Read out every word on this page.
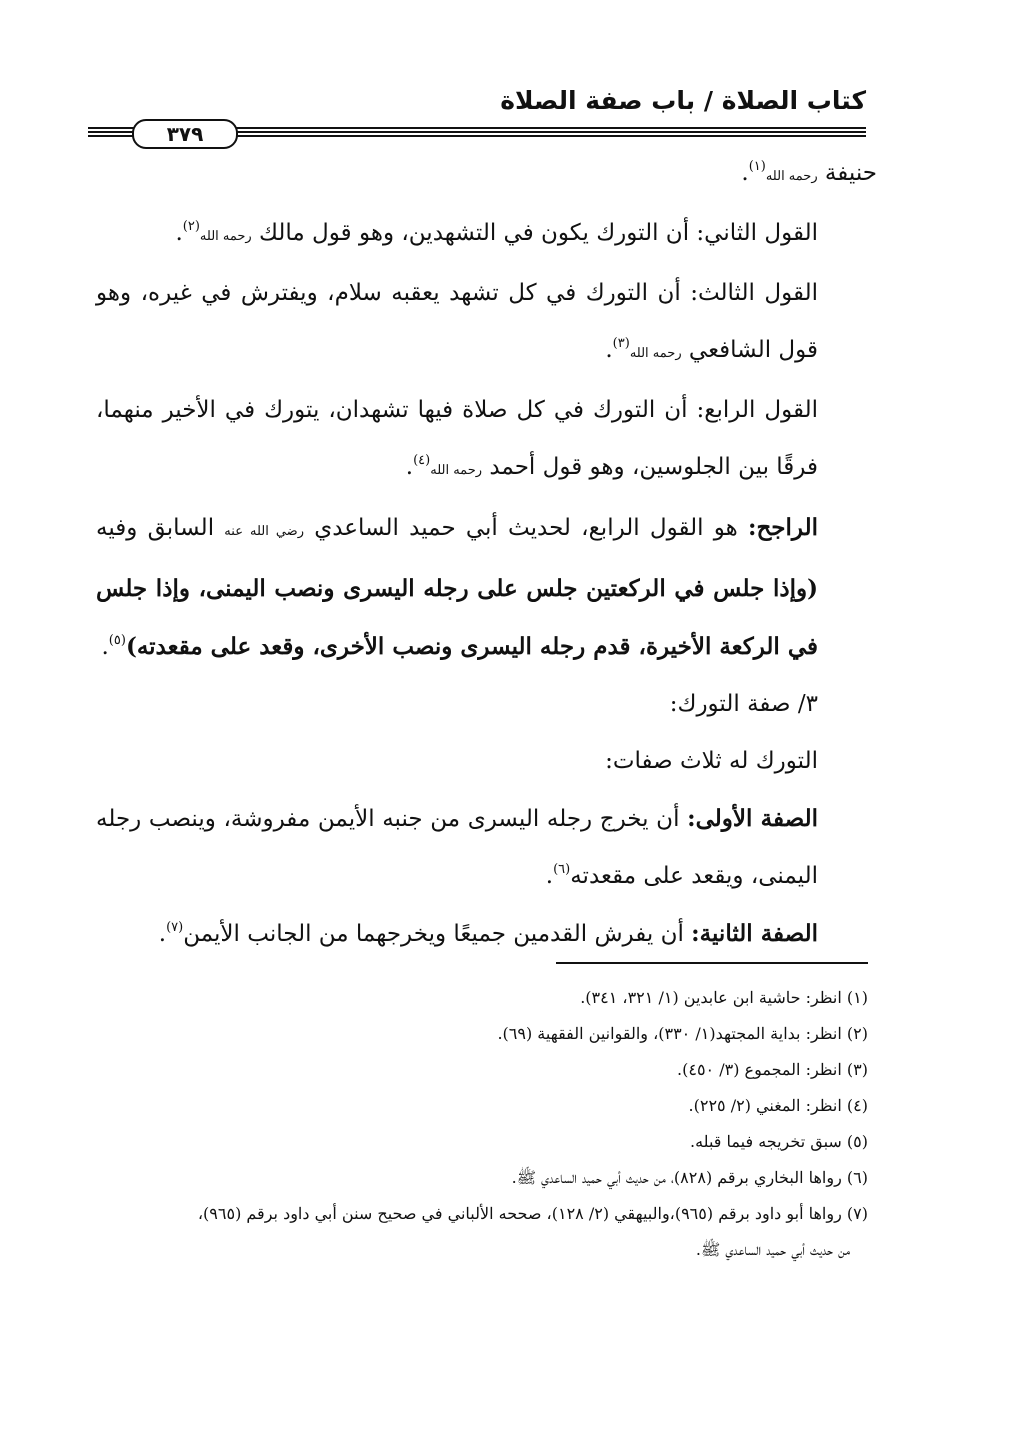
كتاب الصلاة / باب صفة الصلاة
٣٧٩

حنيفة رحمه الله$^{(١)}$.

القول الثاني: أن التورك يكون في التشهدين، وهو قول مالك رحمه الله$^{(٢)}$.

القول الثالث: أن التورك في كل تشهد يعقبه سلام، ويفترش في غيره، وهو قول الشافعي رحمه الله$^{(٣)}$.

القول الرابع: أن التورك في كل صلاة فيها تشهدان، يتورك في الأخير منهما، فرقًا بين الجلوسين، وهو قول أحمد رحمه الله$^{(٤)}$.

الراجح: هو القول الرابع، لحديث أبي حميد الساعدي رضي الله عنه السابق وفيه (وإذا جلس في الركعتين جلس على رجله اليسرى ونصب اليمنى، وإذا جلس في الركعة الأخيرة، قدم رجله اليسرى ونصب الأخرى، وقعد على مقعدته)$^{(٥)}$.

٣/ صفة التورك:

التورك له ثلاث صفات:

الصفة الأولى: أن يخرج رجله اليسرى من جنبه الأيمن مفروشة، وينصب رجله اليمنى، ويقعد على مقعدته$^{(٦)}$.

الصفة الثانية: أن يفرش القدمين جميعًا ويخرجهما من الجانب الأيمن$^{(٧)}$.

(١) انظر: حاشية ابن عابدين (١/ ٣٢١، ٣٤١).

(٢) انظر: بداية المجتهد(١/ ٣٣٠)، والقوانين الفقهية (٦٩).

(٣) انظر: المجموع (٣/ ٤٥٠).

(٤) انظر: المغني (٢/ ٢٢٥).

(٥) سبق تخريجه فيما قبله.

(٦) رواها البخاري برقم (٨٢٨)، من حديث أبي حميد الساعدي ﷺ.

(٧) رواها أبو داود برقم (٩٦٥)،والبيهقي (٢/ ١٢٨)، صححه الألباني في صحيح سنن أبي داود برقم (٩٦٥)،

من حديث أبي حميد الساعدي ﷺ.
